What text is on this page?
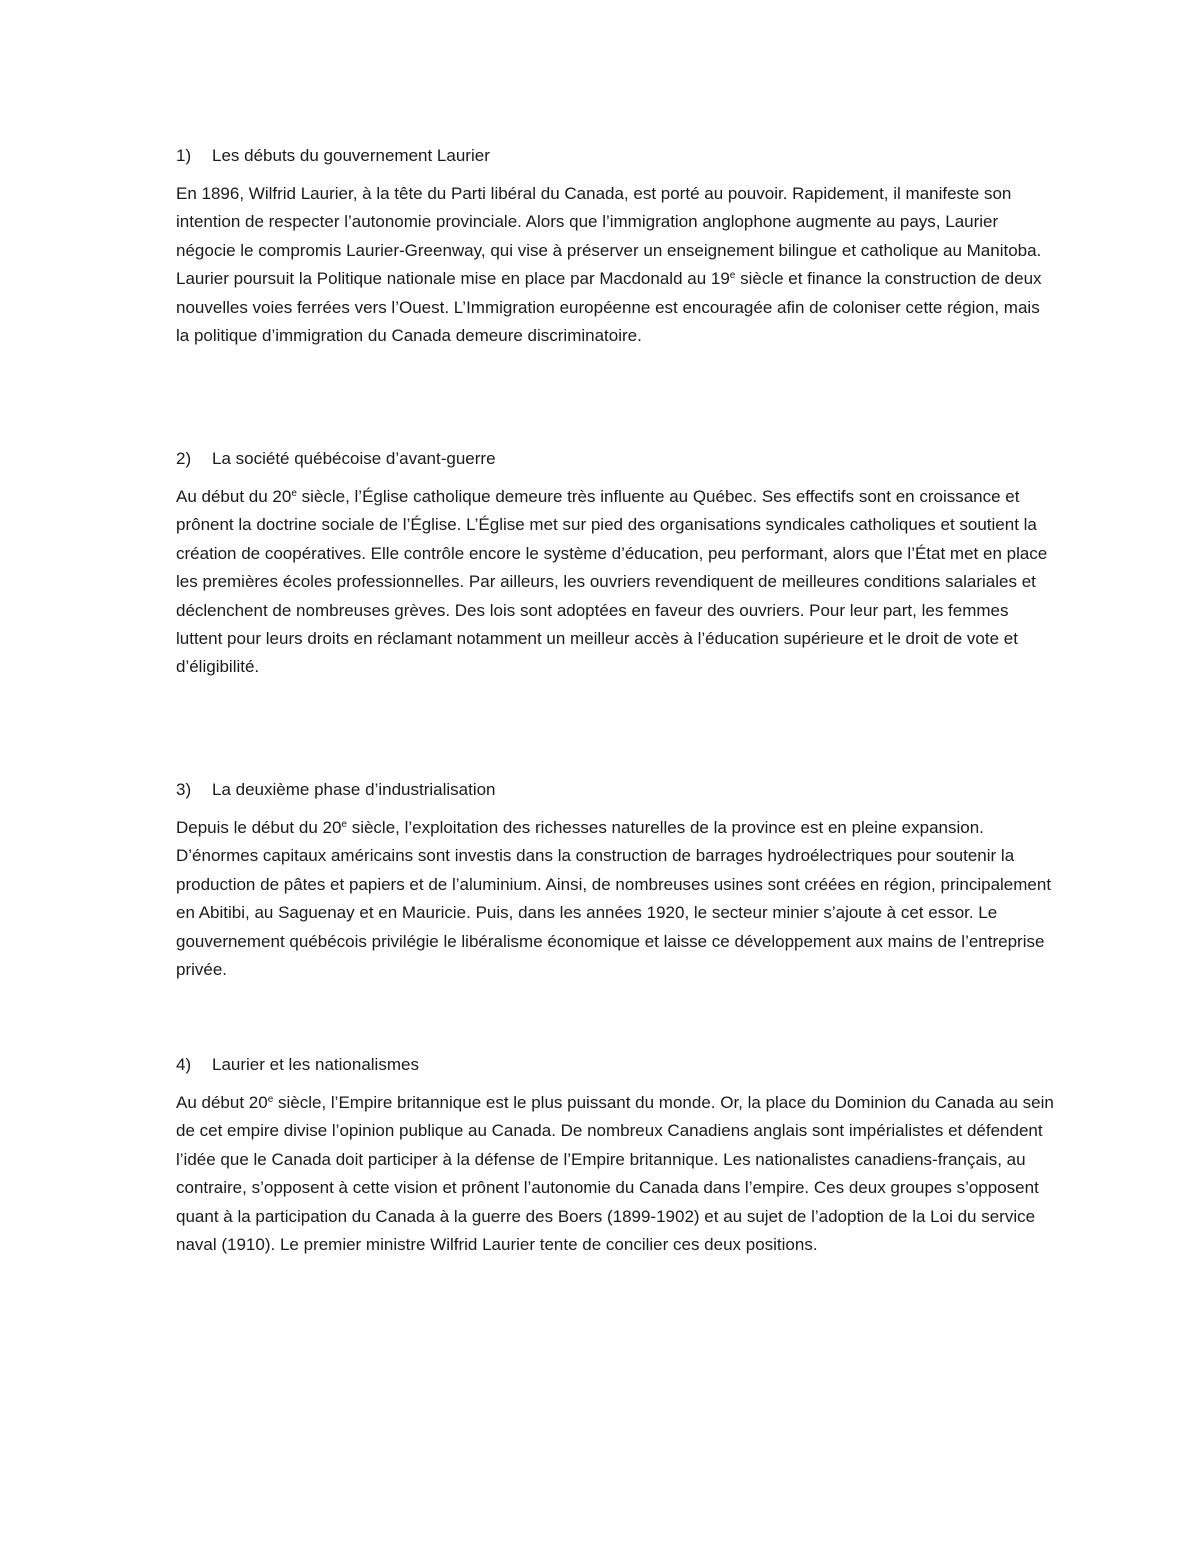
1) Les débuts du gouvernement Laurier

En 1896, Wilfrid Laurier, à la tête du Parti libéral du Canada, est porté au pouvoir. Rapidement, il manifeste son intention de respecter l’autonomie provinciale. Alors que l’immigration anglophone augmente au pays, Laurier négocie le compromis Laurier-Greenway, qui vise à préserver un enseignement bilingue et catholique au Manitoba. Laurier poursuit la Politique nationale mise en place par Macdonald au 19e siècle et finance la construction de deux nouvelles voies ferrées vers l’Ouest. L’Immigration européenne est encouragée afin de coloniser cette région, mais la politique d’immigration du Canada demeure discriminatoire.

2) La société québécoise d’avant-guerre

Au début du 20e siècle, l’Église catholique demeure très influente au Québec. Ses effectifs sont en croissance et prônent la doctrine sociale de l’Église. L’Église met sur pied des organisations syndicales catholiques et soutient la création de coopératives. Elle contrôle encore le système d’éducation, peu performant, alors que l’État met en place les premières écoles professionnelles. Par ailleurs, les ouvriers revendiquent de meilleures conditions salariales et déclenchent de nombreuses grèves. Des lois sont adoptées en faveur des ouvriers. Pour leur part, les femmes luttent pour leurs droits en réclamant notamment un meilleur accès à l’éducation supérieure et le droit de vote et d’éligibilité.

3) La deuxième phase d’industrialisation

Depuis le début du 20e siècle, l’exploitation des richesses naturelles de la province est en pleine expansion. D’énormes capitaux américains sont investis dans la construction de barrages hydroélectriques pour soutenir la production de pâtes et papiers et de l’aluminium. Ainsi, de nombreuses usines sont créées en région, principalement en Abitibi, au Saguenay et en Mauricie. Puis, dans les années 1920, le secteur minier s’ajoute à cet essor. Le gouvernement québécois privilégie le libéralisme économique et laisse ce développement aux mains de l’entreprise privée.

4) Laurier et les nationalismes

Au début 20e siècle, l’Empire britannique est le plus puissant du monde. Or, la place du Dominion du Canada au sein de cet empire divise l’opinion publique au Canada. De nombreux Canadiens anglais sont impérialistes et défendent l’idée que le Canada doit participer à la défense de l’Empire britannique. Les nationalistes canadiens-français, au contraire, s’opposent à cette vision et prônent l’autonomie du Canada dans l’empire. Ces deux groupes s’opposent quant à la participation du Canada à la guerre des Boers (1899-1902) et au sujet de l’adoption de la Loi du service naval (1910). Le premier ministre Wilfrid Laurier tente de concilier ces deux positions.
